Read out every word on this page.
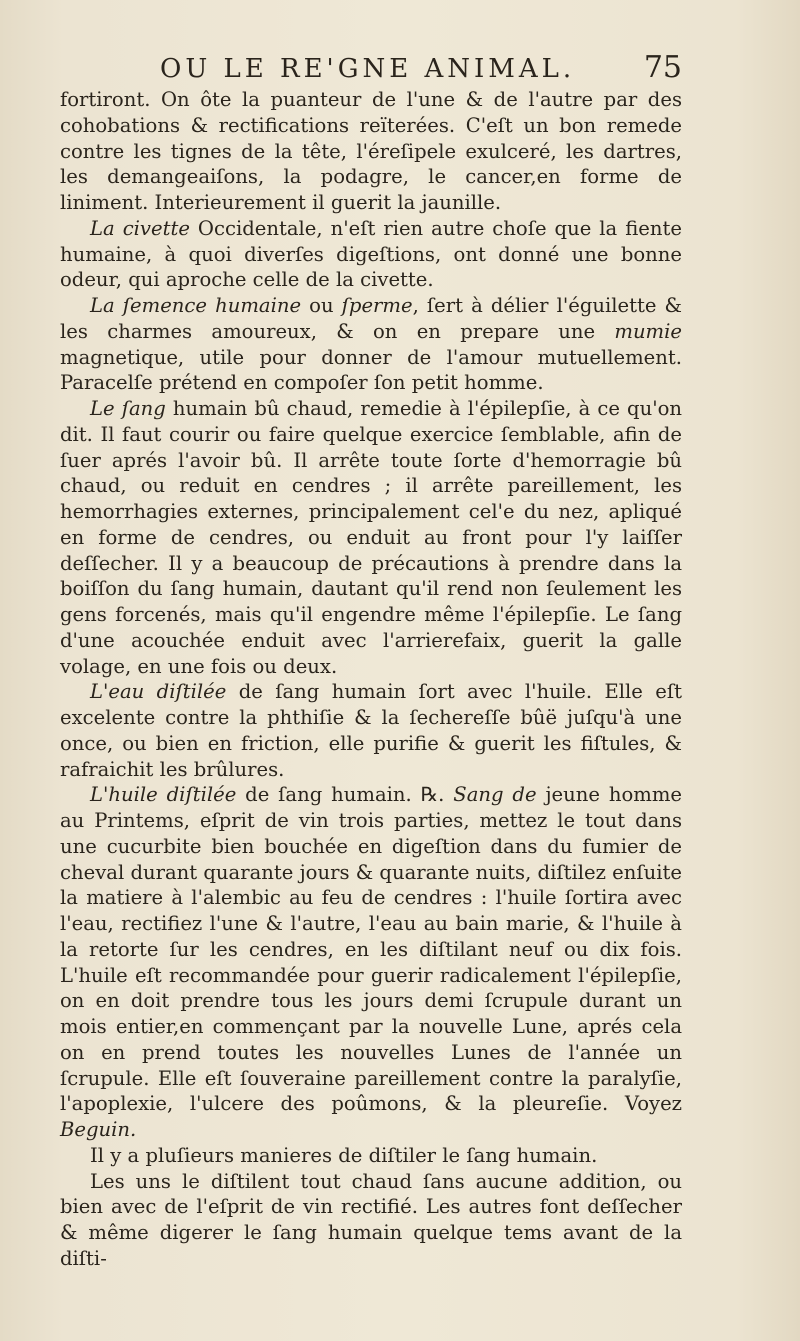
OU LE RE'GNE ANIMAL. 75

fortiront. On ôte la puanteur de l'une & de l'autre par des cohobations & rectifications reïterées. C'eſt un bon remede contre les tignes de la tête, l'éreſipele exulceré, les dartres, les demangeaiſons, la podagre, le cancer,en forme de liniment. Interieurement il guerit la jaunille.

La civette Occidentale, n'eſt rien autre choſe que la fiente humaine, à quoi diverſes digeſtions, ont donné une bonne odeur, qui aproche celle de la civette.

La ſemence humaine ou ſperme, ſert à délier l'éguilette & les charmes amoureux, & on en prepare une mumie magnetique, utile pour donner de l'amour mutuellement. Paracelſe prétend en compoſer ſon petit homme.

Le ſang humain bû chaud, remedie à l'épilepſie, à ce qu'on dit. Il faut courir ou faire quelque exercice ſemblable, afin de ſuer aprés l'avoir bû. Il arrête toute ſorte d'hemorragie bû chaud, ou reduit en cendres ; il arrête pareillement, les hemorrhagies externes, principalement cel'e du nez, apliqué en forme de cendres, ou enduit au front pour l'y laiſſer deſſecher. Il y a beaucoup de précautions à prendre dans la boiſſon du ſang humain, dautant qu'il rend non ſeulement les gens forcenés, mais qu'il engendre même l'épilepſie. Le ſang d'une acouchée enduit avec l'arrierefaix, guerit la galle volage, en une fois ou deux.

L'eau diſtilée de ſang humain ſort avec l'huile. Elle eſt excelente contre la phthiſie & la ſechereſſe bûë juſqu'à une once, ou bien en friction, elle purifie & guerit les fiſtules, & rafraichit les brûlures.

L'huile diſtilée de ſang humain. ℞. Sang de jeune homme au Printems, eſprit de vin trois parties, mettez le tout dans une cucurbite bien bouchée en digeſtion dans du fumier de cheval durant quarante jours & quarante nuits, diſtilez enſuite la matiere à l'alembic au feu de cendres : l'huile ſortira avec l'eau, rectifiez l'une & l'autre, l'eau au bain marie, & l'huile à la retorte ſur les cendres, en les diſtilant neuf ou dix fois. L'huile eſt recommandée pour guerir radicalement l'épilepſie, on en doit prendre tous les jours demi ſcrupule durant un mois entier,en commençant par la nouvelle Lune, aprés cela on en prend toutes les nouvelles Lunes de l'année un ſcrupule. Elle eſt ſouveraine pareillement contre la paralyſie, l'apoplexie, l'ulcere des poûmons, & la pleureſie. Voyez Beguin.

Il y a pluſieurs manieres de diſtiler le ſang humain.

Les uns le diſtilent tout chaud ſans aucune addition, ou bien avec de l'eſprit de vin rectifié. Les autres font deſſecher & même digerer le ſang humain quelque tems avant de la diſti-
